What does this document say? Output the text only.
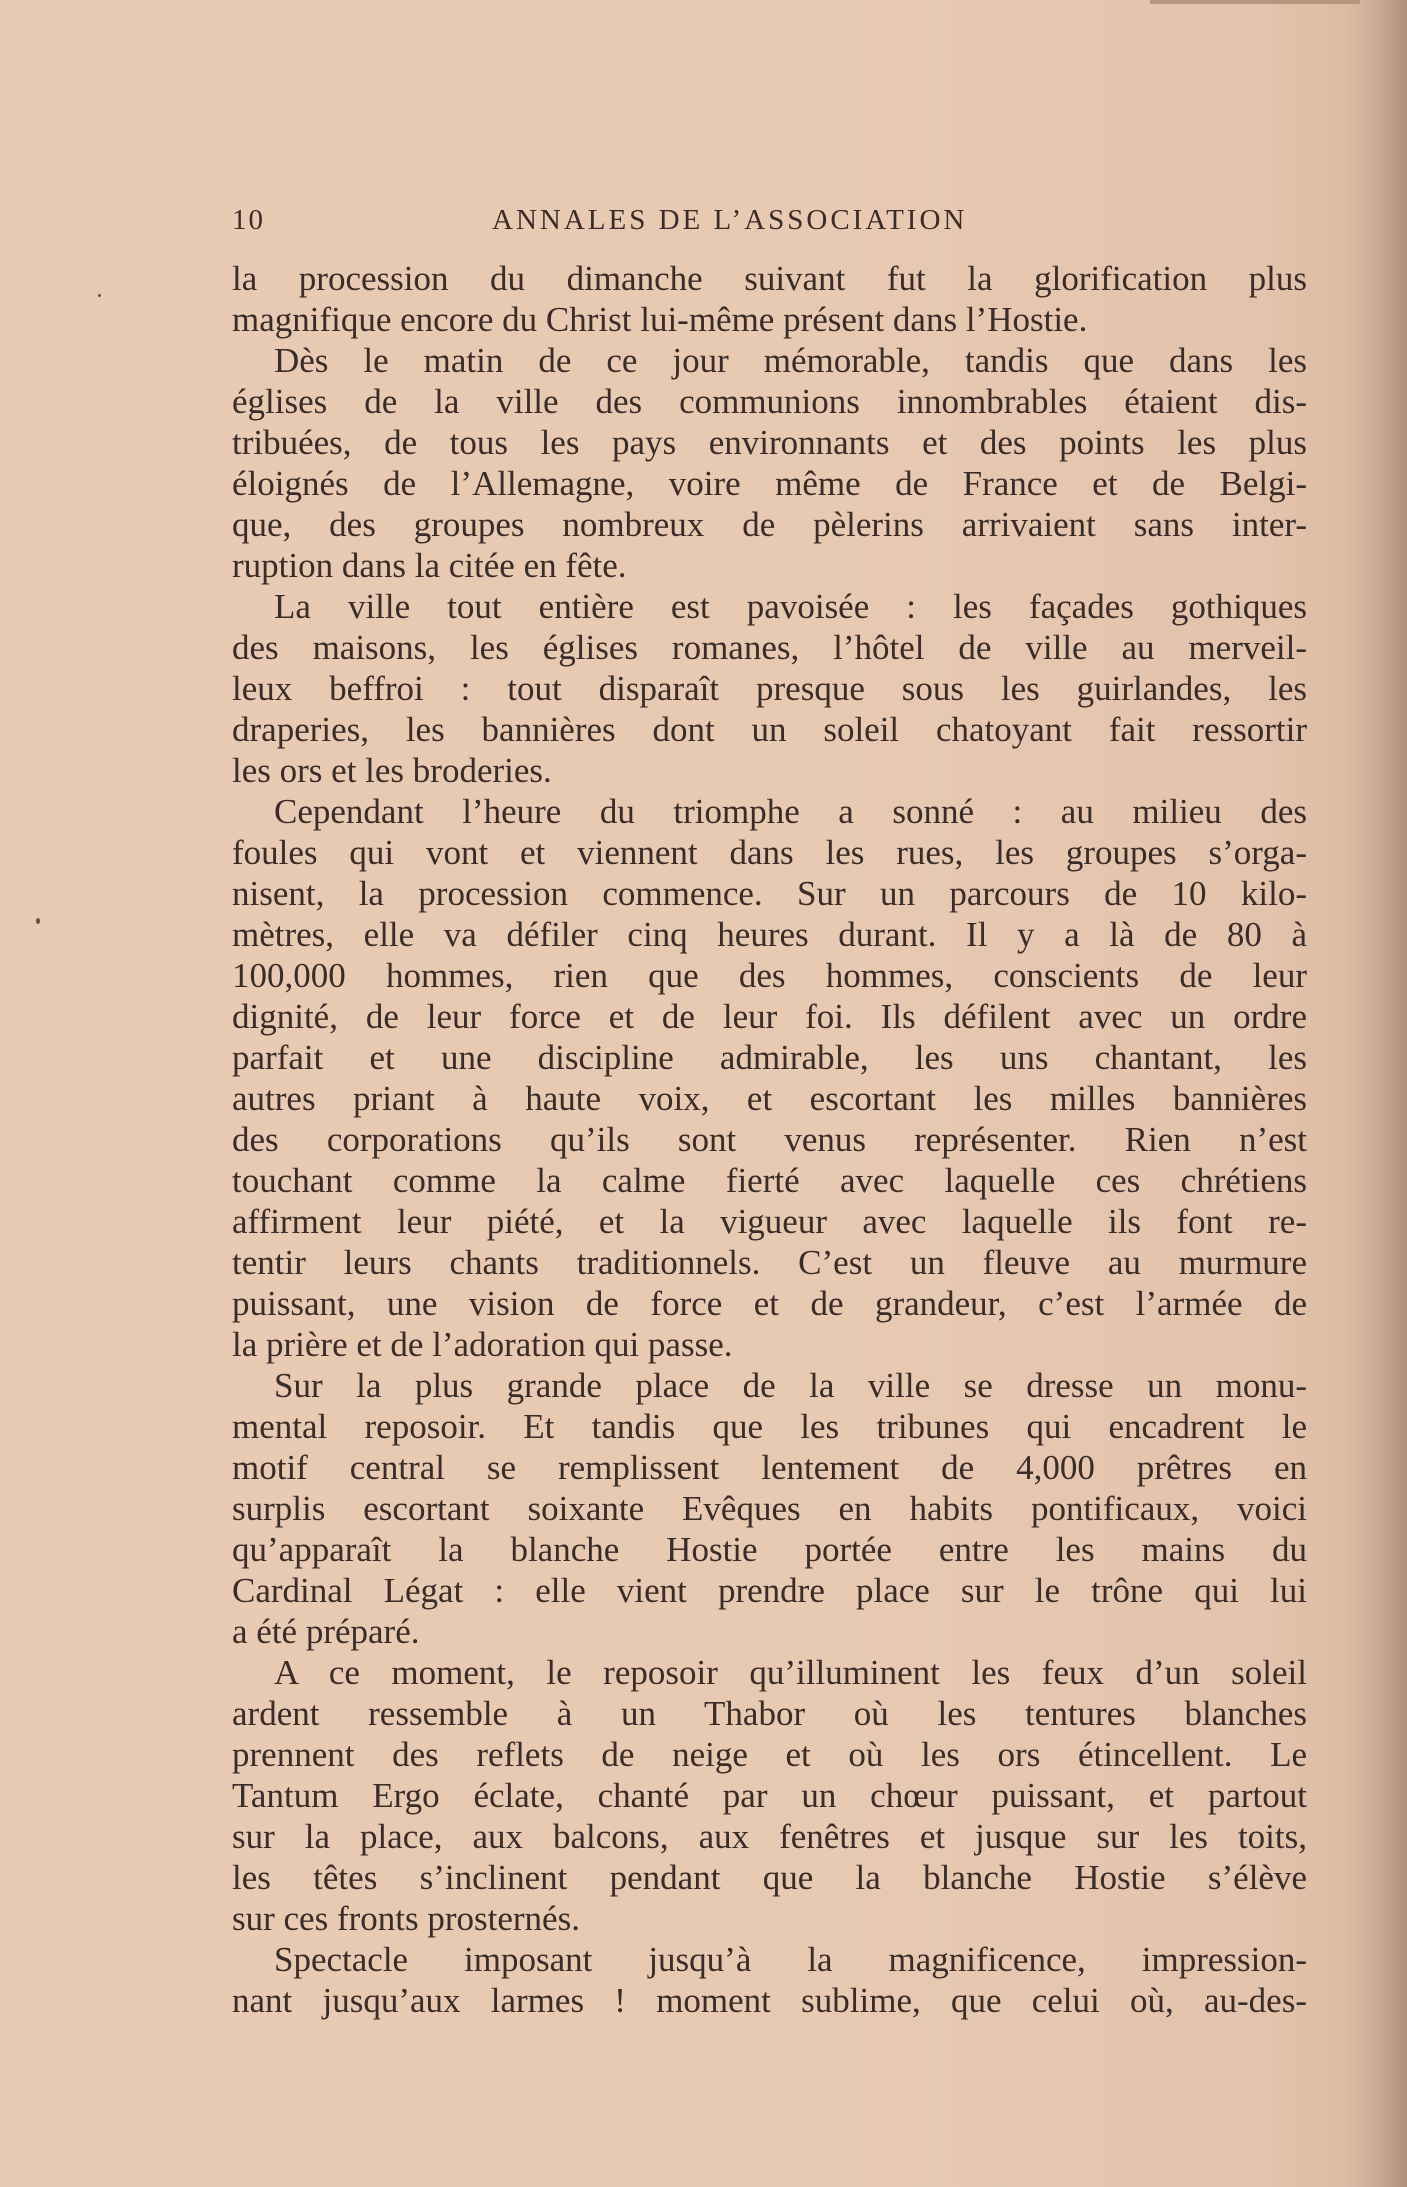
10	ANNALES DE L’ASSOCIATION
la procession du dimanche suivant fut la glorification plus
magnifique encore du Christ lui-même présent dans l’Hostie.
Dès le matin de ce jour mémorable, tandis que dans les
églises de la ville des communions innombrables étaient dis-
tribuées, de tous les pays environnants et des points les plus
éloignés de l’Allemagne, voire même de France et de Belgi-
que, des groupes nombreux de pèlerins arrivaient sans inter-
ruption dans la citée en fête.
La ville tout entière est pavoisée : les façades gothiques
des maisons, les églises romanes, l’hôtel de ville au merveil-
leux beffroi : tout disparaît presque sous les guirlandes, les
draperies, les bannières dont un soleil chatoyant fait ressortir
les ors et les broderies.
Cependant l’heure du triomphe a sonné : au milieu des
foules qui vont et viennent dans les rues, les groupes s’orga-
nisent, la procession commence. Sur un parcours de 10 kilo-
mètres, elle va défiler cinq heures durant. Il y a là de 80 à
100,000 hommes, rien que des hommes, conscients de leur
dignité, de leur force et de leur foi. Ils défilent avec un ordre
parfait et une discipline admirable, les uns chantant, les
autres priant à haute voix, et escortant les milles bannières
des corporations qu’ils sont venus représenter. Rien n’est
touchant comme la calme fierté avec laquelle ces chrétiens
affirment leur piété, et la vigueur avec laquelle ils font re-
tentir leurs chants traditionnels. C’est un fleuve au murmure
puissant, une vision de force et de grandeur, c’est l’armée de
la prière et de l’adoration qui passe.
Sur la plus grande place de la ville se dresse un monu-
mental reposoir. Et tandis que les tribunes qui encadrent le
motif central se remplissent lentement de 4,000 prêtres en
surplis escortant soixante Evêques en habits pontificaux, voici
qu’apparaît la blanche Hostie portée entre les mains du
Cardinal Légat : elle vient prendre place sur le trône qui lui
a été préparé.
A ce moment, le reposoir qu’illuminent les feux d’un soleil
ardent ressemble à un Thabor où les tentures blanches
prennent des reflets de neige et où les ors étincellent. Le
Tantum Ergo éclate, chanté par un chœur puissant, et partout
sur la place, aux balcons, aux fenêtres et jusque sur les toits,
les têtes s’inclinent pendant que la blanche Hostie s’élève
sur ces fronts prosternés.
Spectacle imposant jusqu’à la magnificence, impression-
nant jusqu’aux larmes ! moment sublime, que celui où, au-des-
